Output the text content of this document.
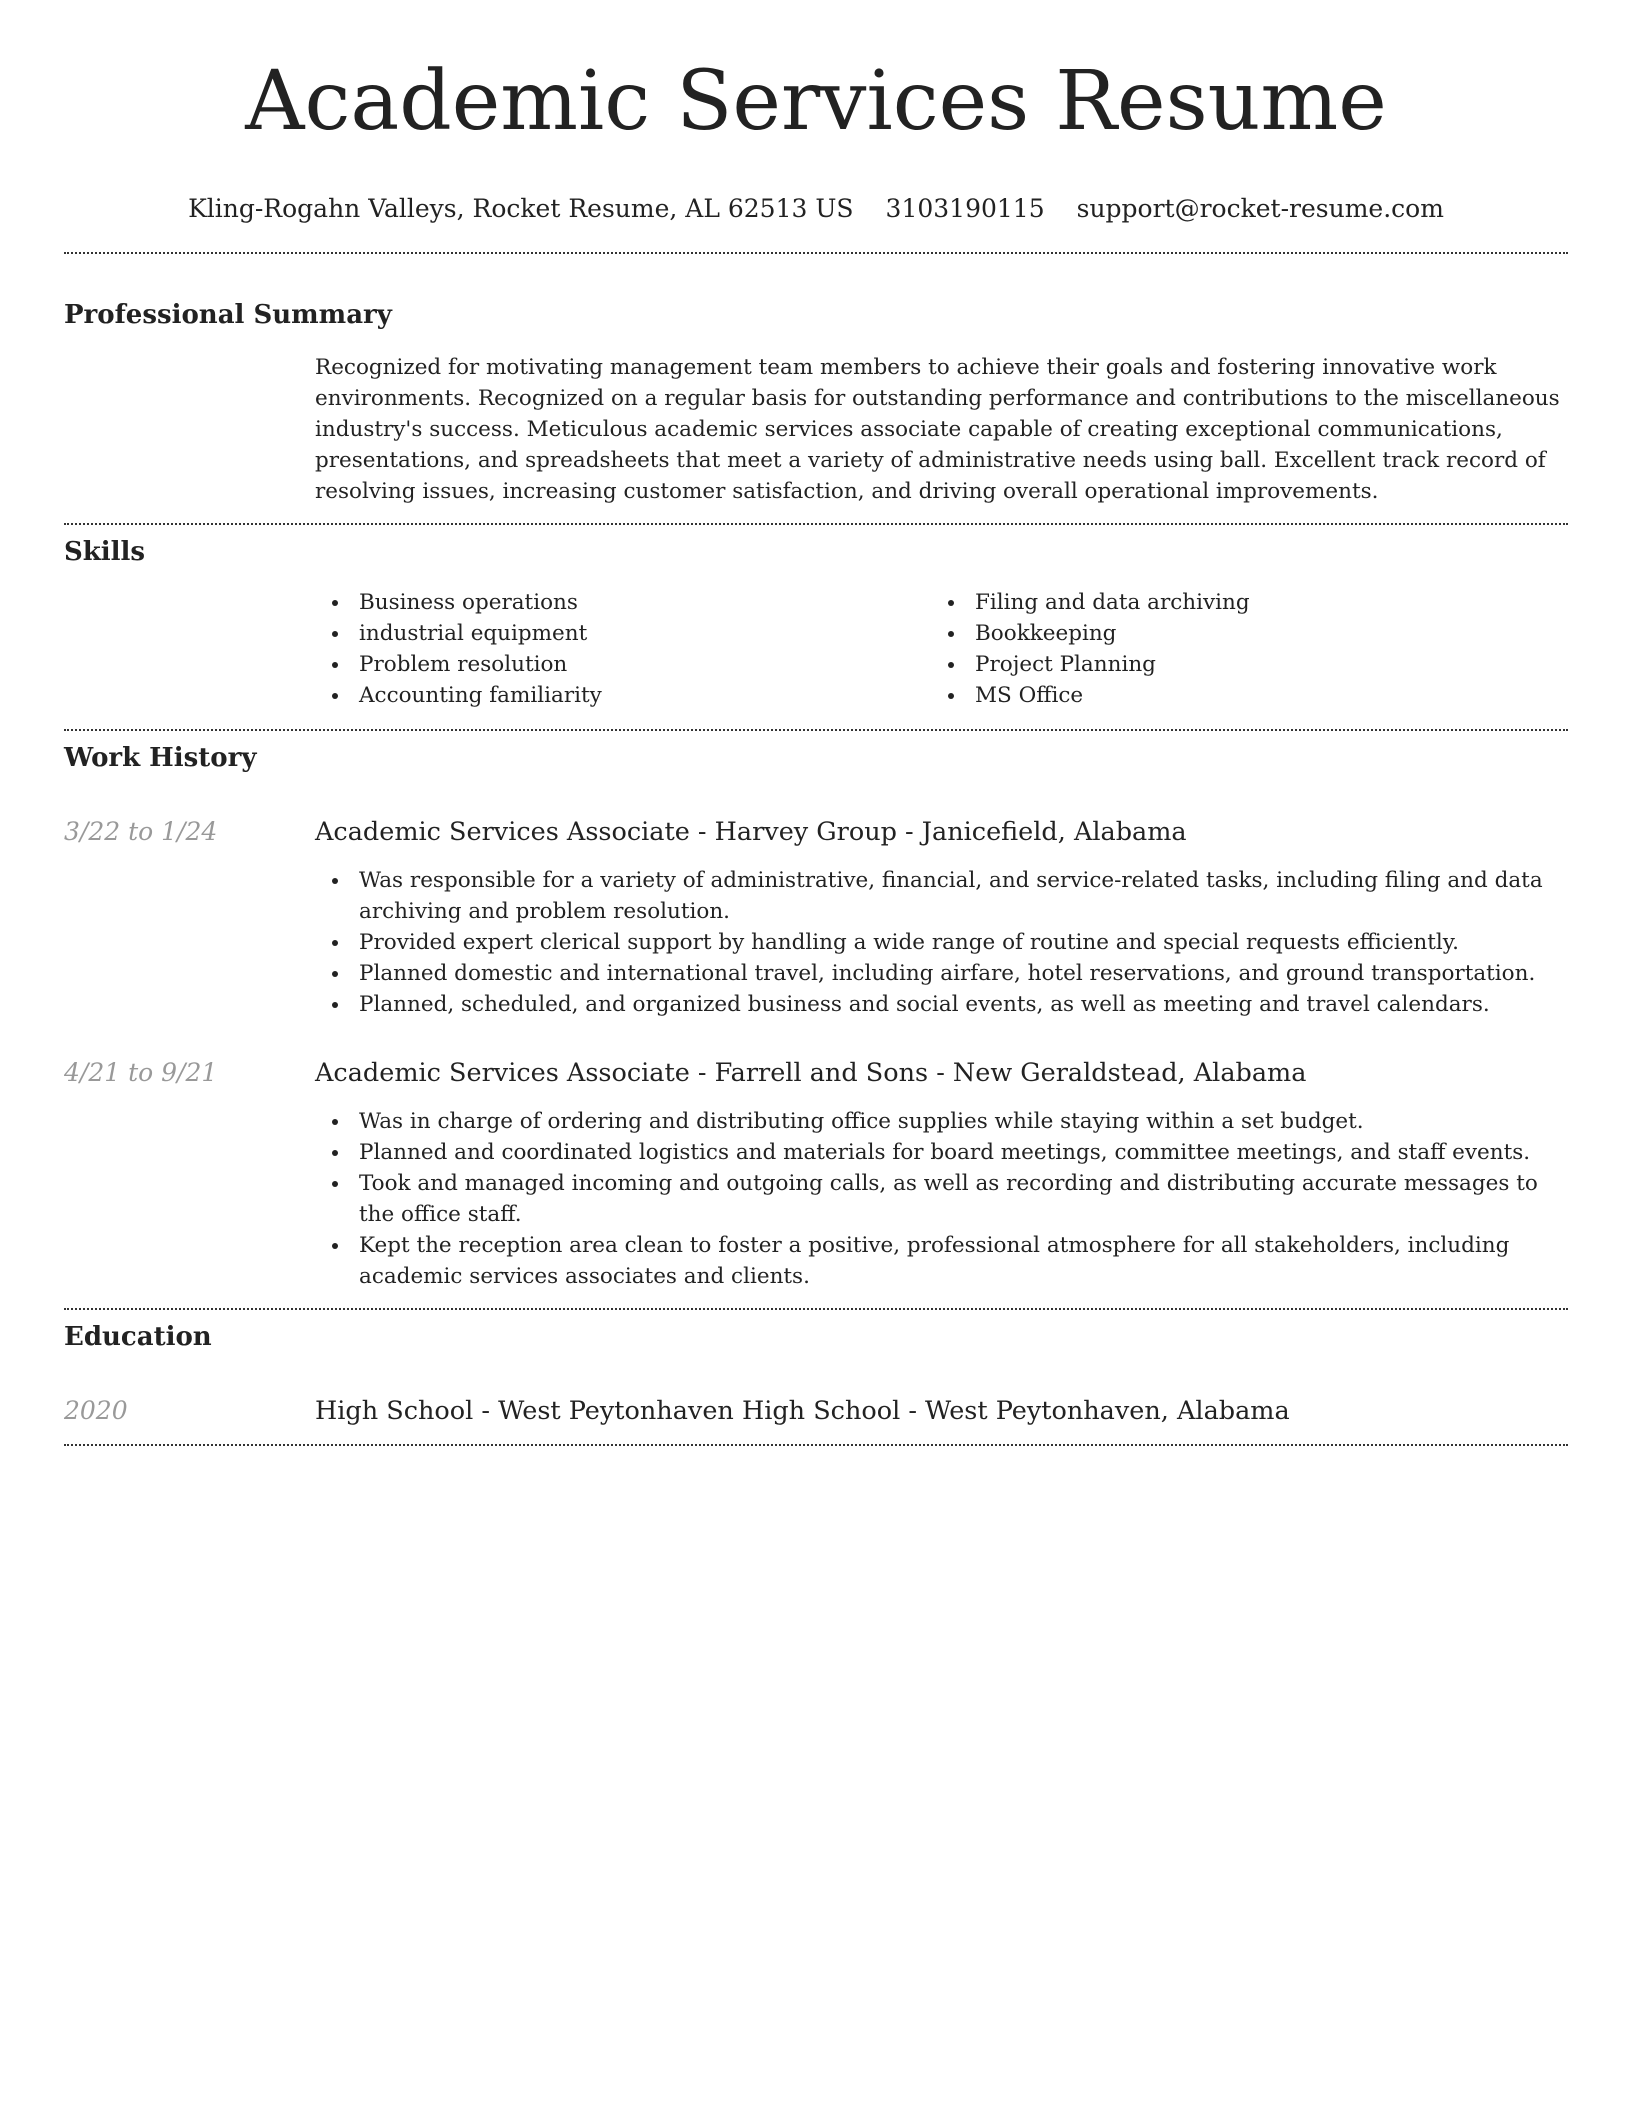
Academic Services Resume
Kling-Rogahn Valleys, Rocket Resume, AL 62513 US 3103190115 support@rocket-resume.com
Professional Summary

Recognized for motivating management team members to achieve their goals and fostering innovative work environments. Recognized on a regular basis for outstanding performance and contributions to the miscellaneous industry's success. Meticulous academic services associate capable of creating exceptional communications, presentations, and spreadsheets that meet a variety of administrative needs using ball. Excellent track record of resolving issues, increasing customer satisfaction, and driving overall operational improvements.

Skills
Business operations
industrial equipment
Problem resolution
Accounting familiarity
Filing and data archiving
Bookkeeping
Project Planning
MS Office
Work History
3/22 to 1/24	Academic Services Associate - Harvey Group - Janicefield, Alabama
Was responsible for a variety of administrative, financial, and service-related tasks, including filing and data archiving and problem resolution.
Provided expert clerical support by handling a wide range of routine and special requests efficiently.
Planned domestic and international travel, including airfare, hotel reservations, and ground transportation.
Planned, scheduled, and organized business and social events, as well as meeting and travel calendars.
4/21 to 9/21	Academic Services Associate - Farrell and Sons - New Geraldstead, Alabama
Was in charge of ordering and distributing office supplies while staying within a set budget.
Planned and coordinated logistics and materials for board meetings, committee meetings, and staff events.
Took and managed incoming and outgoing calls, as well as recording and distributing accurate messages to the office staff.
Kept the reception area clean to foster a positive, professional atmosphere for all stakeholders, including academic services associates and clients.
Education
2020	High School - West Peytonhaven High School - West Peytonhaven, Alabama
